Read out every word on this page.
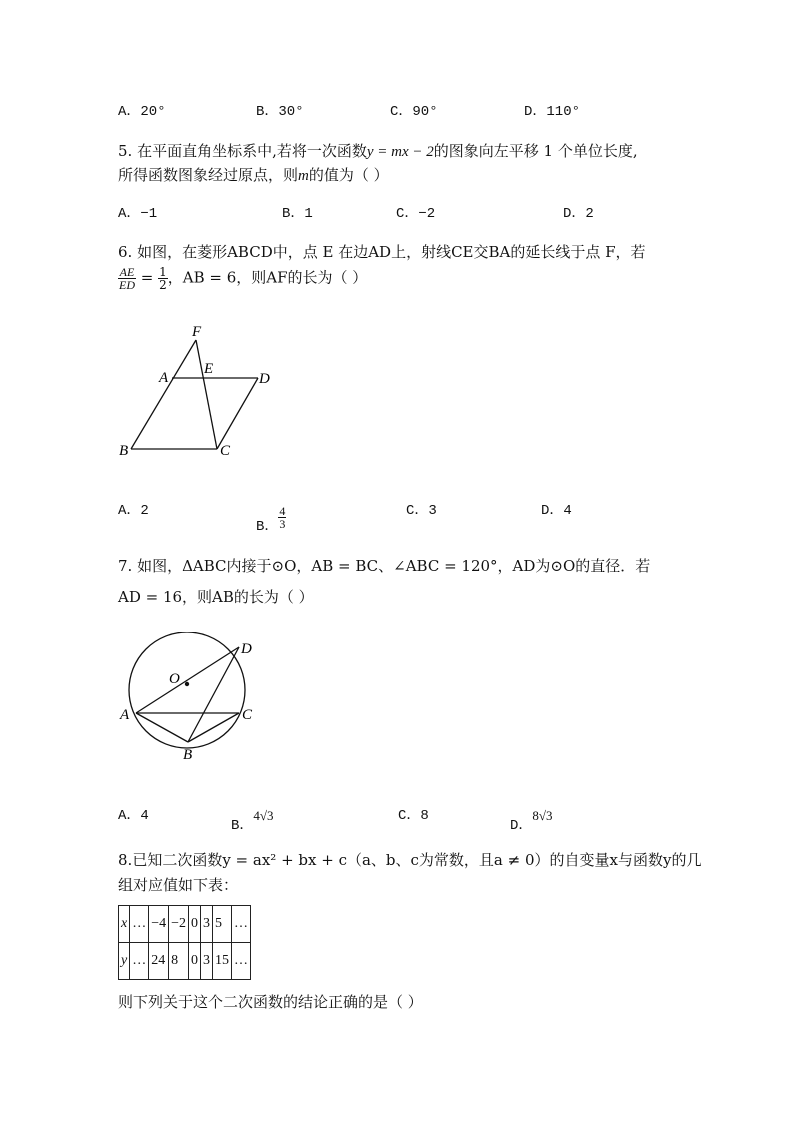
A．20°	B．30°	C．90°	D．110°
5. 在平面直角坐标系中,若将一次函数y = mx − 2的图象向左平移 1 个单位长度,
所得函数图象经过原点，则m的值为（ ）
A．−1	B．1	C．−2	D．2
6. 如图，在菱形ABCD中，点 E 在边AD上，射线CE交BA的延长线于点 F，若
$\frac{AE}{ED} = \frac{1}{2}$ ，AB = 6，则AF的长为（ ）
F
A
E
D
B	C
A．2
B． $\frac{4}{3}$	C．3	D．4
7. 如图，ΔABC内接于⊙O，AB = BC、∠ABC = 120°，AD为⊙O的直径．若
AD = 16，则AB的长为（ ）
O
D
A	C
B
A．4
B．4√3	C．8
D．8√3
8.已知二次函数y = ax² + bx + c（a、b、c为常数，且a ≠ 0）的自变量x与函数y的几
组对应值如下表：
x	…	−4	−2	0	3	5	…
y	…	24	8	0	3	15	…
则下列关于这个二次函数的结论正确的是（ ）
